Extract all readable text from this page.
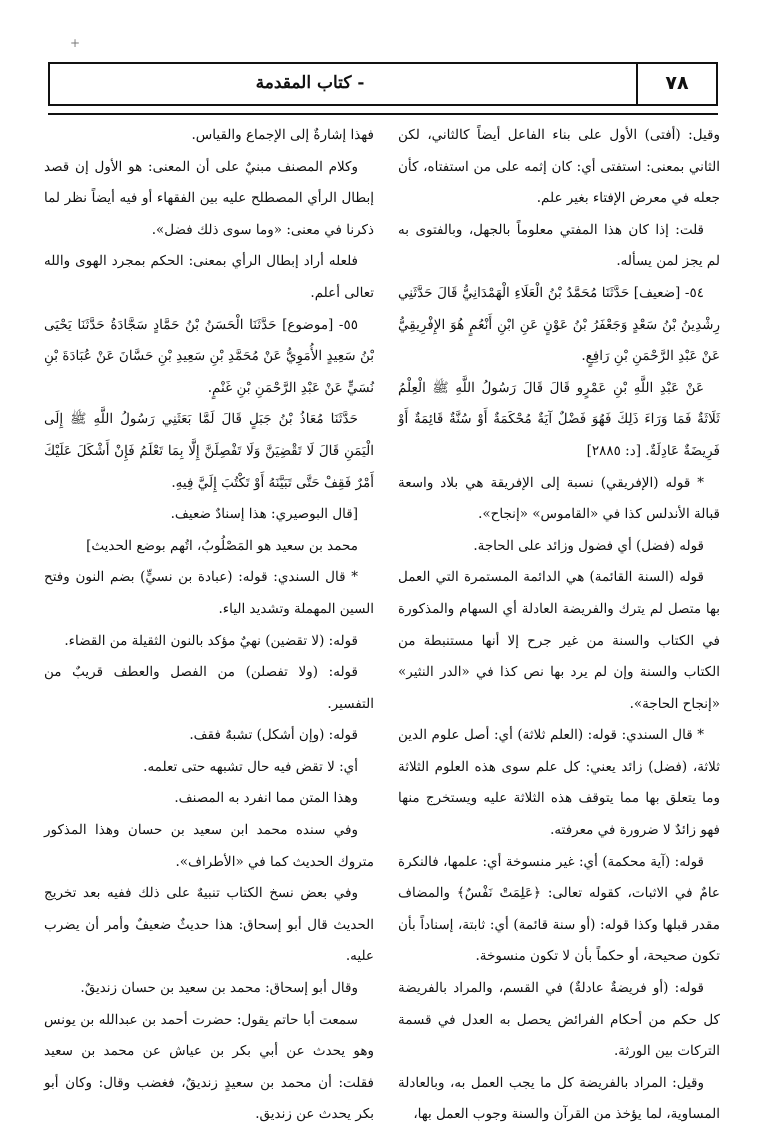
+
- كتاب المقدمة	٧٨

وقيل: (أفتى) الأول على بناء الفاعل أيضاً كالثاني، لكن الثاني بمعنى: استفتى أي: كان إثمه على من استفتاه، كأن جعله في معرض الإفتاء بغير علم.

قلت: إذا كان هذا المفتي معلوماً بالجهل، وبالفتوى به لم يجز لمن يسأله.

٥٤- [ضعيف] حَدَّثَنَا مُحَمَّدُ بْنُ الْعَلَاءِ الْهَمْدَانِيُّ قَالَ حَدَّثَنِي رِشْدِينُ بْنُ سَعْدٍ وَجَعْفَرُ بْنُ عَوْنٍ عَنِ ابْنِ أَنْعُمٍ هُوَ الإِفْرِيقِيُّ عَنْ عَبْدِ الرَّحْمَنِ بْنِ رَافِعٍ.

عَنْ عَبْدِ اللَّهِ بْنِ عَمْرٍو قَالَ قَالَ رَسُولُ اللَّهِ ﷺ الْعِلْمُ ثَلَاثَةٌ فَمَا وَرَاءَ ذَلِكَ فَهُوَ فَضْلٌ آيَةٌ مُحْكَمَةٌ أَوْ سُنَّةٌ قَائِمَةٌ أَوْ فَرِيضَةٌ عَادِلَةٌ. [د: ٢٨٨٥]

* قوله (الإفريقي) نسبة إلى الإفريقة هي بلاد واسعة قبالة الأندلس كذا في «القاموس» «إنجاح».

قوله (فضل) أي فضول وزائد على الحاجة.

قوله (السنة القائمة) هي الدائمة المستمرة التي العمل بها متصل لم يترك والفريضة العادلة أي السهام والمذكورة في الكتاب والسنة من غير جرح إلا أنها مستنبطة من الكتاب والسنة وإن لم يرد بها نص كذا في «الدر النثير» «إنجاح الحاجة».

* قال السندي: قوله: (العلم ثلاثة) أي: أصل علوم الدين ثلاثة، (فضل) زائد يعني: كل علم سوى هذه العلوم الثلاثة وما يتعلق بها مما يتوقف هذه الثلاثة عليه ويستخرج منها فهو زائدٌ لا ضرورة في معرفته.

قوله: (آية محكمة) أي: غير منسوخة أي: علمها، فالنكرة عامٌ في الاثبات، كقوله تعالى: ﴿عَلِمَتْ نَفْسٌ﴾ والمضاف مقدر قبلها وكذا قوله: (أو سنة قائمة) أي: ثابتة، إسناداً بأن تكون صحيحة، أو حكماً بأن لا تكون منسوخة.

قوله: (أو فريضةٌ عادلةٌ) في القسم، والمراد بالفريضة كل حكم من أحكام الفرائض يحصل به العدل في قسمة التركات بين الورثة.

وقيل: المراد بالفريضة كل ما يجب العمل به، وبالعادلة المساوية، لما يؤخذ من القرآن والسنة وجوب العمل بها،

فهذا إشارةٌ إلى الإجماع والقياس.

وكلام المصنف مبنيٌ على أن المعنى: هو الأول إن قصد إبطال الرأي المصطلح عليه بين الفقهاء أو فيه أيضاً نظر لما ذكرنا في معنى: «وما سوى ذلك فضل».

فلعله أراد إبطال الرأي بمعنى: الحكم بمجرد الهوى والله تعالى أعلم.

٥٥- [موضوع] حَدَّثَنَا الْحَسَنُ بْنُ حَمَّادٍ سَجَّادَةُ حَدَّثَنَا يَحْيَى بْنُ سَعِيدٍ الأُمَوِيُّ عَنْ مُحَمَّدِ بْنِ سَعِيدِ بْنِ حَسَّانَ عَنْ عُبَادَةَ بْنِ نُسَيٍّ عَنْ عَبْدِ الرَّحْمَنِ بْنِ غَنْمٍ.

حَدَّثَنَا مُعَاذُ بْنُ جَبَلٍ قَالَ لَمَّا بَعَثَنِي رَسُولُ اللَّهِ ﷺ إِلَى الْيَمَنِ قَالَ لَا تَقْضِيَنَّ وَلَا تَفْصِلَنَّ إِلَّا بِمَا تَعْلَمُ فَإِنْ أَشْكَلَ عَلَيْكَ أَمْرٌ فَقِفْ حَتَّى تَبَيَّنَهُ أَوْ تَكْتُبَ إِلَيَّ فِيهِ.

[قال البوصيري: هذا إسنادٌ ضعيف.

محمد بن سعيد هو المَصْلُوبُ، اتُهم بوضع الحديث]

* قال السندي: قوله: (عبادة بن نسيٍّ) بضم النون وفتح السين المهملة وتشديد الياء.

قوله: (لا تقضين) نهيٌ مؤكد بالنون الثقيلة من القضاء.

قوله: (ولا تفصلن) من الفصل والعطف قريبٌ من التفسير.

قوله: (وإن أشكل) تشبهٌ فقف.

أي: لا تقض فيه حال تشبهه حتى تعلمه.

وهذا المتن مما انفرد به المصنف.

وفي سنده محمد ابن سعيد بن حسان وهذا المذكور متروك الحديث كما في «الأطراف».

وفي بعض نسخ الكتاب تنبيهٌ على ذلك ففيه بعد تخريج الحديث قال أبو إسحاق: هذا حديثٌ ضعيفٌ وأمر أن يضرب عليه.

وقال أبو إسحاق: محمد بن سعيد بن حسان زنديقٌ.

سمعت أبا حاتم يقول: حضرت أحمد بن عبدالله بن يونس وهو يحدث عن أبي بكر بن عياش عن محمد بن سعيد فقلت: أن محمد بن سعيدٍ زنديقٌ، فغضب وقال: وكان أبو بكر يحدث عن زنديق.
